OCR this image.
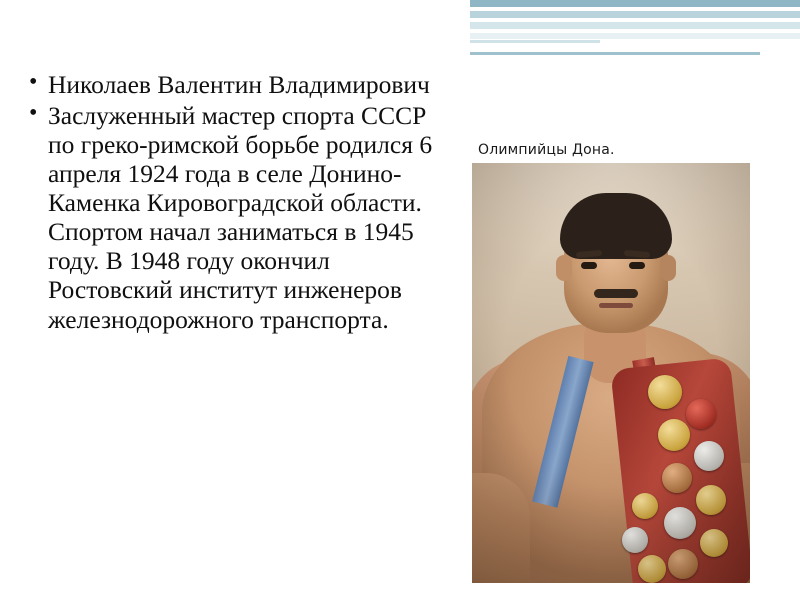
• Николаев Валентин Владимирович
• Заслуженный мастер спорта СССР по греко-римской борьбе родился 6 апреля 1924 года в селе Донино-Каменка Кировоградской области. Спортом начал заниматься в 1945 году. В 1948 году окончил Ростовский институт инженеров железнодорожного транспорта.
Олимпийцы Дона.
